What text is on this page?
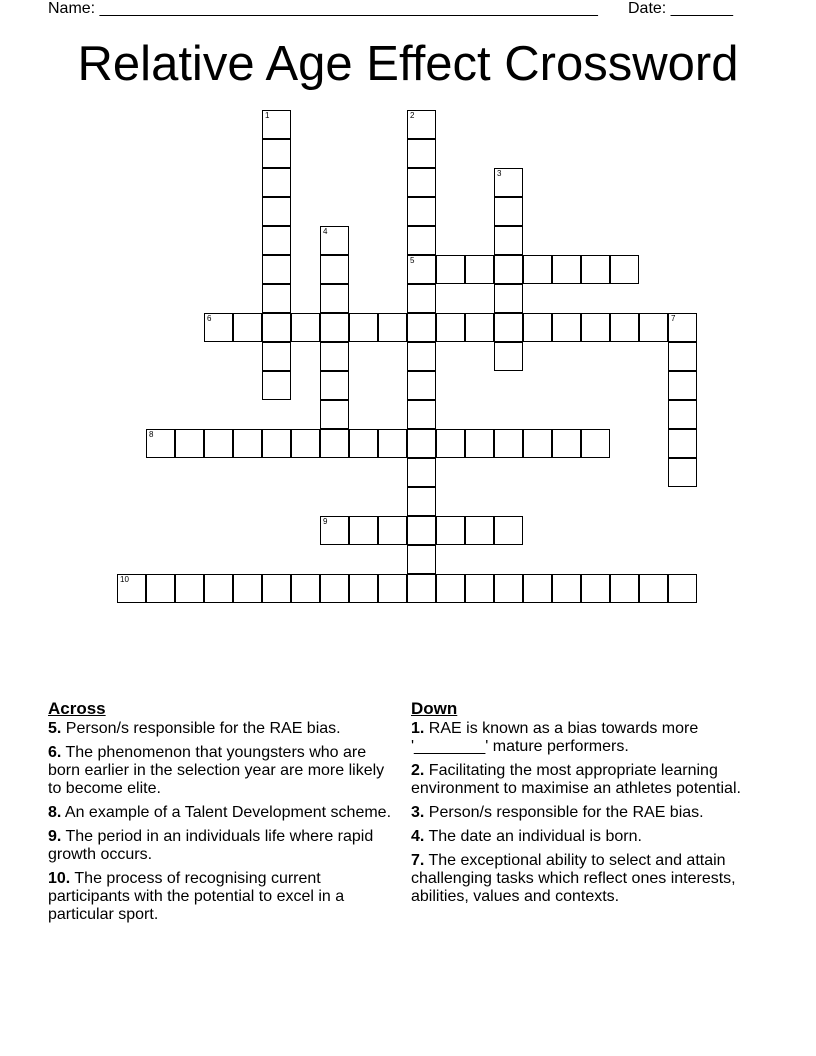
Name: ________________________________________________________ Date: _______
Relative Age Effect Crossword
1	2
5
3
4
6	7
8
9
10
Across
5. Person/s responsible for the RAE bias.
6. The phenomenon that youngsters who are born earlier in the selection year are more likely to become elite.
8. An example of a Talent Development scheme.
9. The period in an individuals life where rapid growth occurs.
10. The process of recognising current participants with the potential to excel in a particular sport.
Down
1. RAE is known as a bias towards more '________' mature performers.
2. Facilitating the most appropriate learning environment to maximise an athletes potential.
3. Person/s responsible for the RAE bias.
4. The date an individual is born.
7. The exceptional ability to select and attain challenging tasks which reflect ones interests, abilities, values and contexts.
